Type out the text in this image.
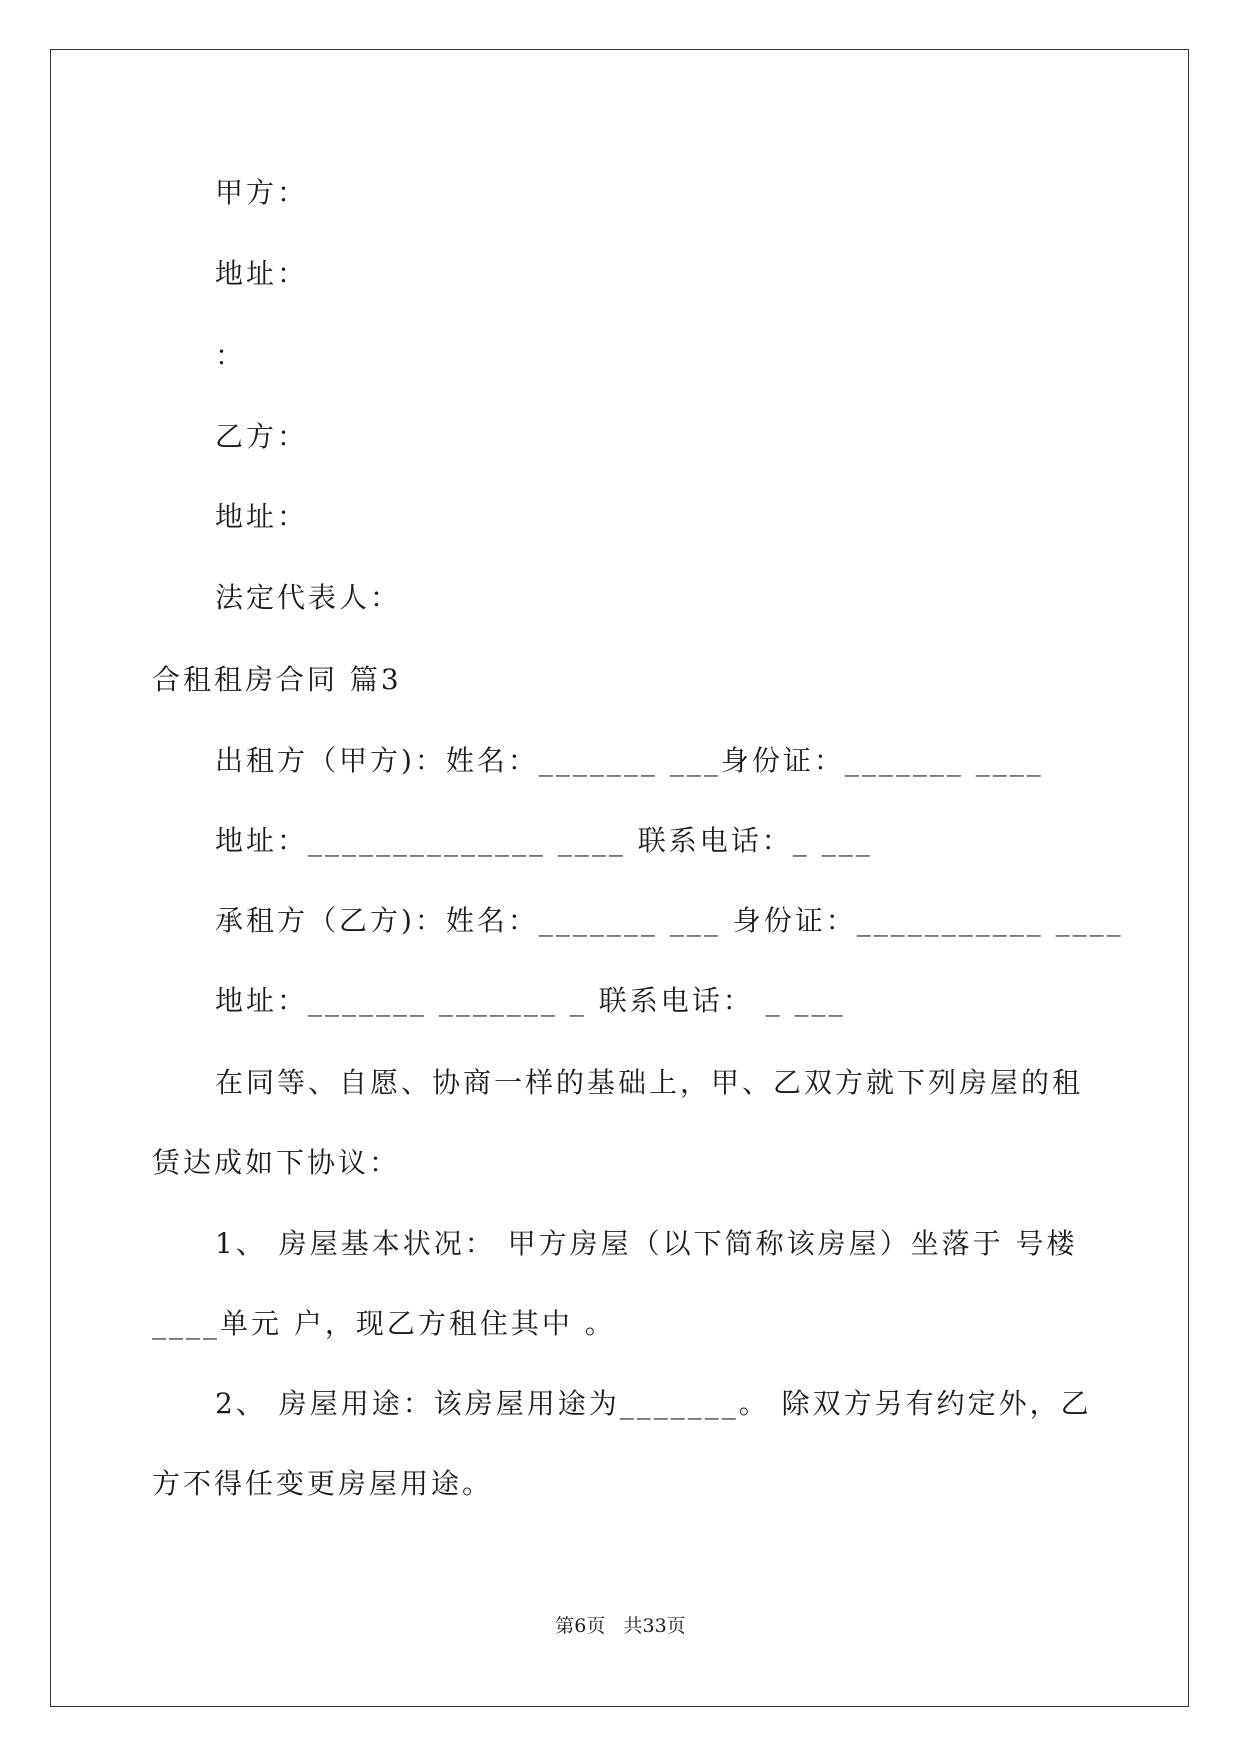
甲方：
地址：
：
乙方：
地址：
法定代表人：
合租租房合同 篇3
出租方（甲方)：姓名：_______ ___身份证：_______ ____
地址：______________ ____ 联系电话：_ ___
承租方（乙方)：姓名：_______ ___ 身份证：___________ ____
地址：_______ _______ _ 联系电话： _ ___
在同等、自愿、协商一样的基础上，甲、乙双方就下列房屋的租
赁达成如下协议：
1、 房屋基本状况： 甲方房屋（以下简称该房屋）坐落于 号楼
____单元 户，现乙方租住其中 。
2、 房屋用途：该房屋用途为_______。 除双方另有约定外，乙
方不得任变更房屋用途。
第6页   共33页
